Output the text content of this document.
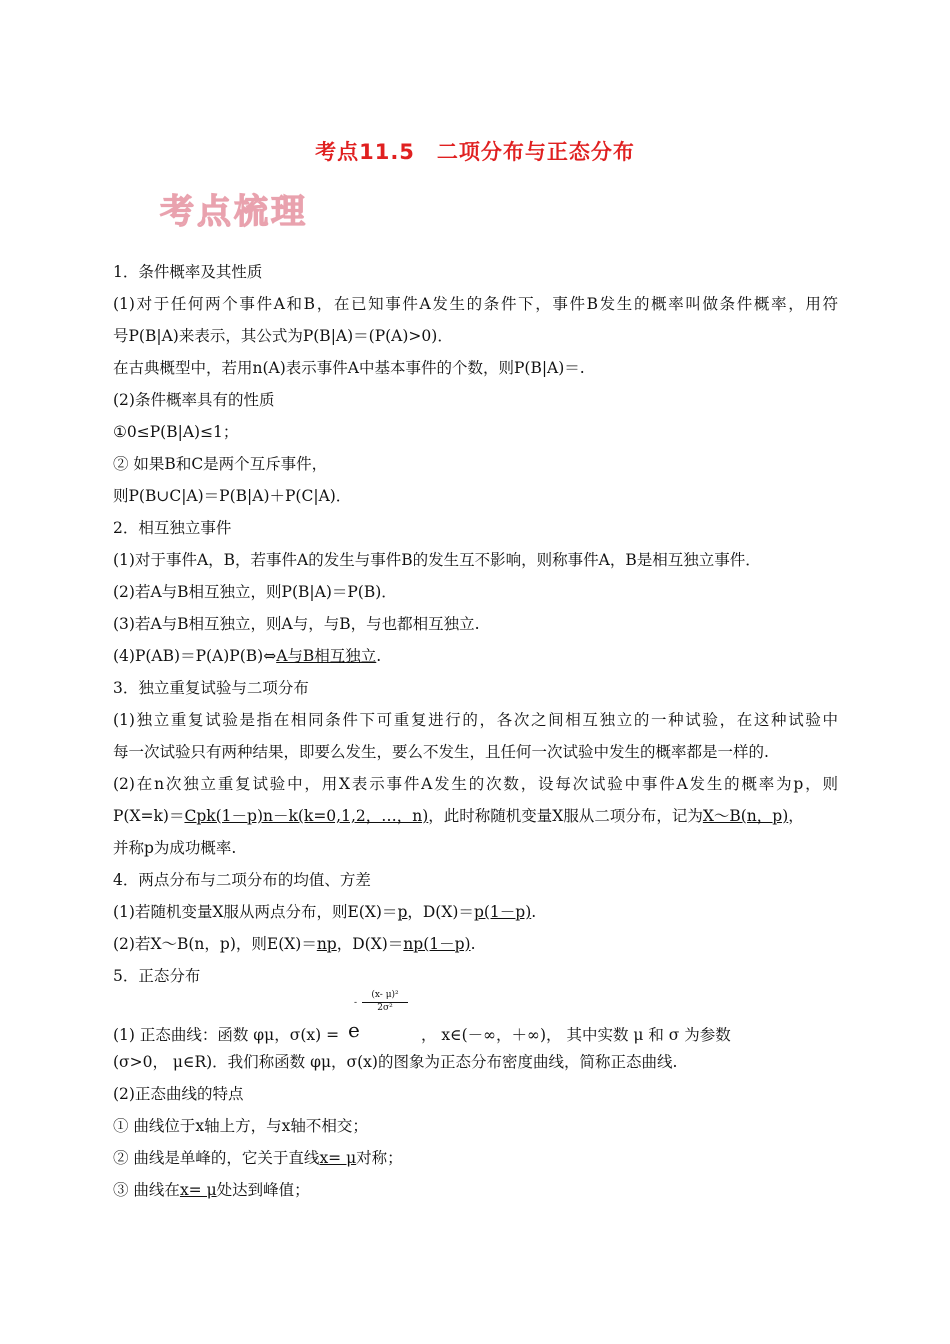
考点11.5　二项分布与正态分布
考点梳理
1．条件概率及其性质
(1)对于任何两个事件A和B，在已知事件A发生的条件下，事件B发生的概率叫做条件概率，用符
号P(B|A)来表示，其公式为P(B|A)＝(P(A)>0)．
在古典概型中，若用n(A)表示事件A中基本事件的个数，则P(B|A)＝.
(2)条件概率具有的性质
①0≤P(B|A)≤1；
② 如果B和C是两个互斥事件，
则P(B∪C|A)＝P(B|A)＋P(C|A)．
2．相互独立事件
(1)对于事件A，B，若事件A的发生与事件B的发生互不影响，则称事件A，B是相互独立事件．
(2)若A与B相互独立，则P(B|A)＝P(B)．
(3)若A与B相互独立，则A与，与B，与也都相互独立.
(4)P(AB)＝P(A)P(B)⇔A与B相互独立.
3．独立重复试验与二项分布
(1)独立重复试验是指在相同条件下可重复进行的，各次之间相互独立的一种试验，在这种试验中
每一次试验只有两种结果，即要么发生，要么不发生，且任何一次试验中发生的概率都是一样的.
(2)在n次独立重复试验中，用X表示事件A发生的次数，设每次试验中事件A发生的概率为p，则
P(X=k)＝Cpk(1－p)n－k(k=0,1,2，…，n)，此时称随机变量X服从二项分布，记为X～B(n，p)，
并称p为成功概率.
4．两点分布与二项分布的均值、方差
(1)若随机变量X服从两点分布，则E(X)＝p，D(X)＝p(1－p).
(2)若X～B(n，p)，则E(X)＝np，D(X)＝np(1－p).
5．正态分布
(1) 正态曲线：函数 φμ，σ(x) = e
-
(x- μ)²
2σ²
， x∈(－∞，＋∞)， 其中实数 μ 和 σ 为参数
(σ>0， μ∈R)．我们称函数 φμ，σ(x)的图象为正态分布密度曲线，简称正态曲线.
(2)正态曲线的特点
① 曲线位于x轴上方，与x轴不相交；
② 曲线是单峰的，它关于直线x= μ对称；
③ 曲线在x= μ处达到峰值；
